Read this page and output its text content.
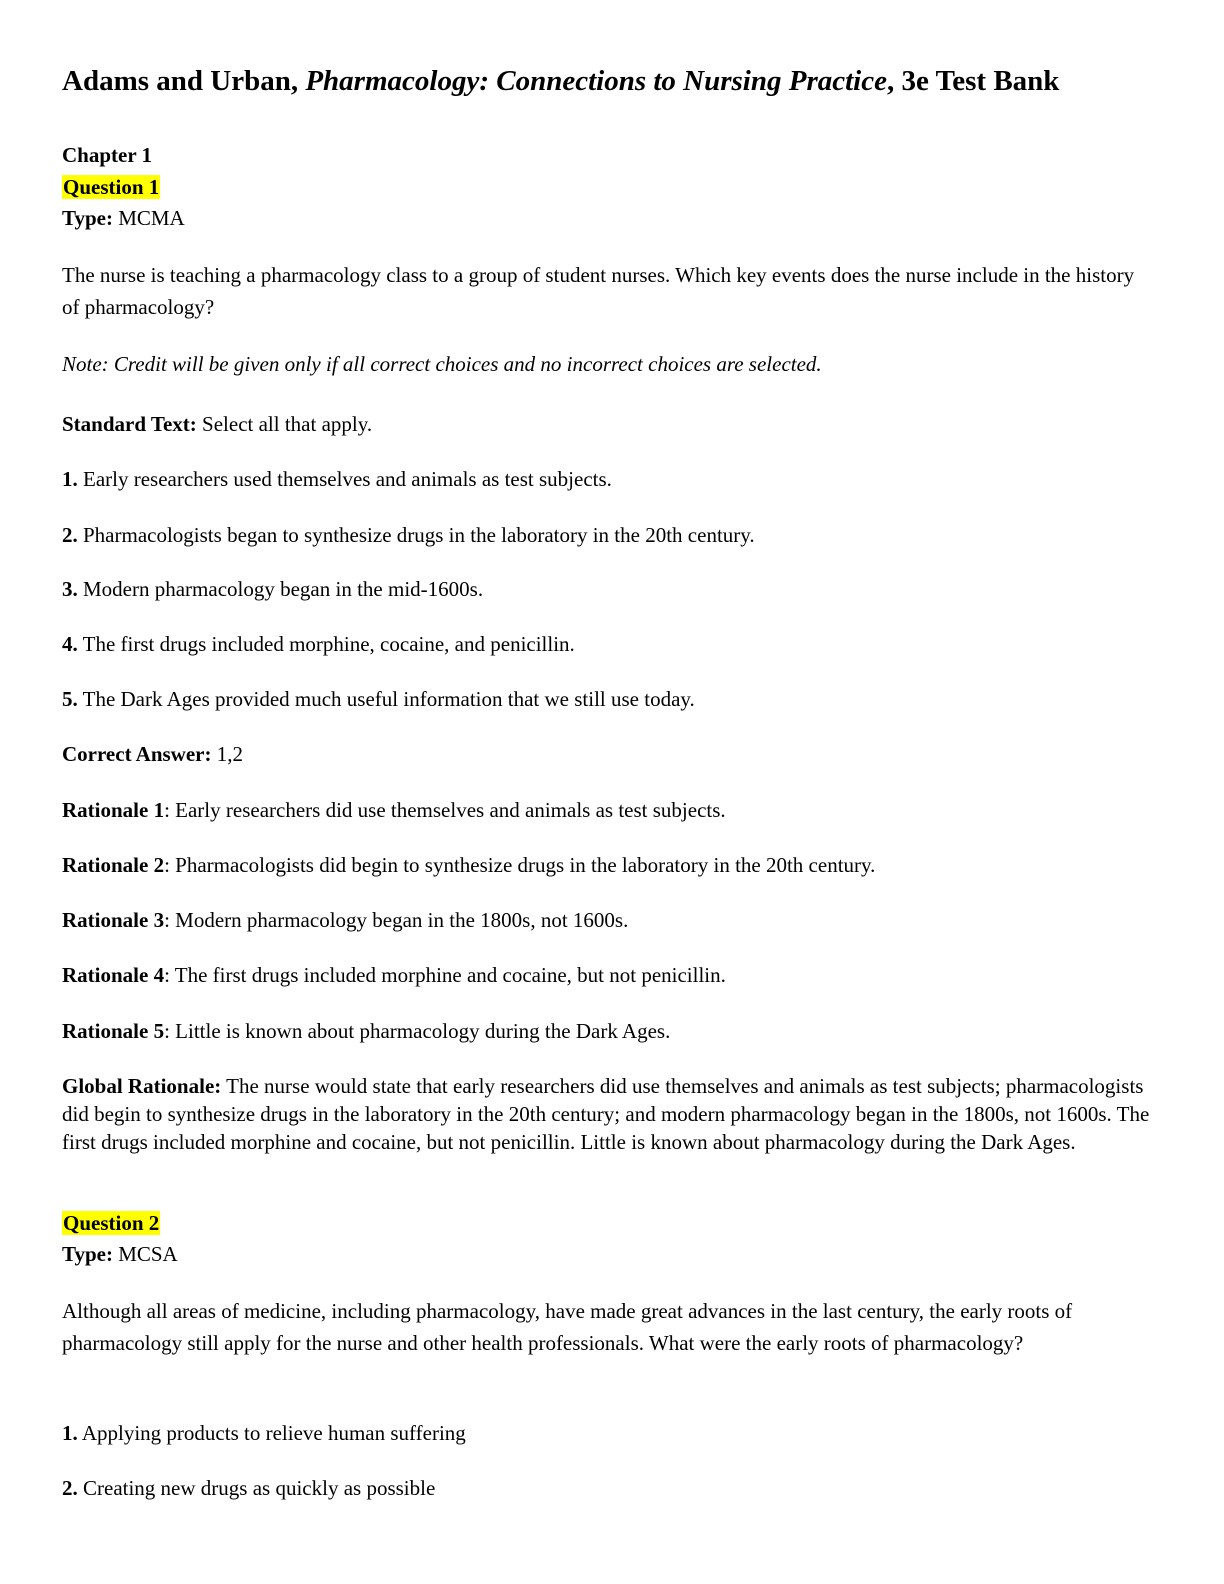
Adams and Urban, Pharmacology: Connections to Nursing Practice, 3e Test Bank
Chapter 1
Question 1
Type: MCMA
The nurse is teaching a pharmacology class to a group of student nurses. Which key events does the nurse include in the history of pharmacology?
Note: Credit will be given only if all correct choices and no incorrect choices are selected.
Standard Text: Select all that apply.
1. Early researchers used themselves and animals as test subjects.
2. Pharmacologists began to synthesize drugs in the laboratory in the 20th century.
3. Modern pharmacology began in the mid-1600s.
4. The first drugs included morphine, cocaine, and penicillin.
5. The Dark Ages provided much useful information that we still use today.
Correct Answer: 1,2
Rationale 1: Early researchers did use themselves and animals as test subjects.
Rationale 2: Pharmacologists did begin to synthesize drugs in the laboratory in the 20th century.
Rationale 3: Modern pharmacology began in the 1800s, not 1600s.
Rationale 4: The first drugs included morphine and cocaine, but not penicillin.
Rationale 5: Little is known about pharmacology during the Dark Ages.
Global Rationale: The nurse would state that early researchers did use themselves and animals as test subjects; pharmacologists did begin to synthesize drugs in the laboratory in the 20th century; and modern pharmacology began in the 1800s, not 1600s. The first drugs included morphine and cocaine, but not penicillin. Little is known about pharmacology during the Dark Ages.
Question 2
Type: MCSA
Although all areas of medicine, including pharmacology, have made great advances in the last century, the early roots of pharmacology still apply for the nurse and other health professionals. What were the early roots of pharmacology?
1. Applying products to relieve human suffering
2. Creating new drugs as quickly as possible
